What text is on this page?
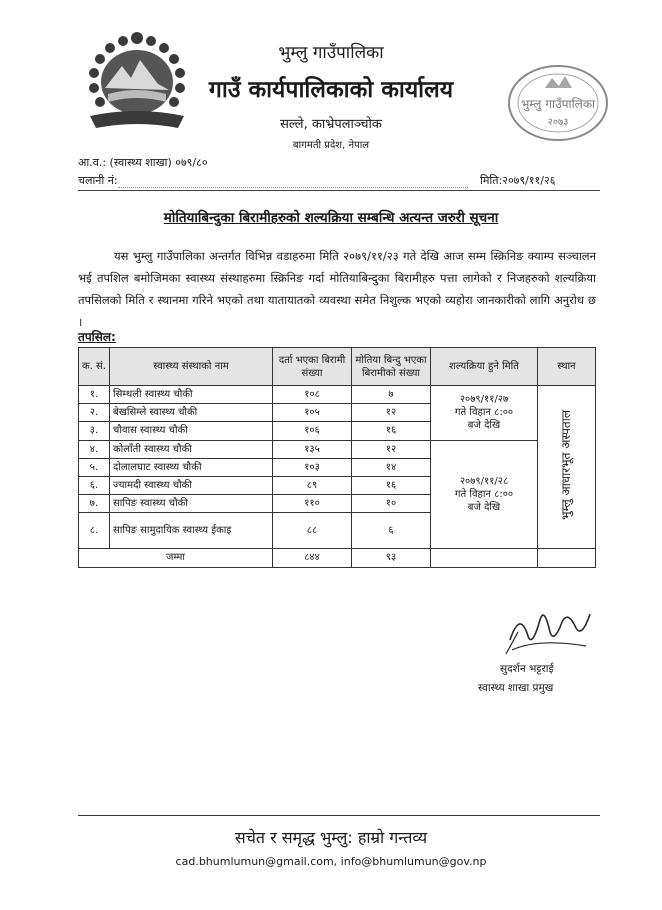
भुम्लु गाउँपालिका
गाउँ कार्यपालिकाको कार्यालय
सल्ले, काभ्रेपलाञ्चोक
बागमती प्रदेश, नेपाल
भुम्लु गाउँपालिका
२०७३
आ.व.: (स्वास्थ्य शाखा) ०७९/८०
चलानी नं:	मिति:२०७९/११/२६
मोतियाबिन्दुका बिरामीहरुको शल्यक्रिया सम्बन्धि अत्यन्त जरुरी सूचना

यस भुम्लु गाउँपालिका अन्तर्गत विभिन्न वडाहरुमा मिति २०७९/११/२३ गते देखि आज सम्म स्क्रिनिङ क्याम्प सञ्चालन भई तपशिल बमोजिमका स्वास्थ्य संस्थाहरुमा स्क्रिनिङ गर्दा मोतियाबिन्दुका बिरामीहरु पत्ता लागेको र निजहरुको शल्यक्रिया तपसिलको मिति र स्थानमा गरिने भएको तथा यातायातको व्यवस्था समेत निशुल्क भएको व्यहोरा जानकारीको लागि अनुरोध छ ।

तपसिल:
क. सं.	स्वास्थ्य संस्थाको नाम	दर्ता भएका बिरामी संख्या	मोतिया बिन्दु भएका बिरामीको संख्या	शल्यक्रिया हुने मिति	स्थान
१.	सिम्थली स्वास्थ्य चौकी	१०८	७	२०७९/११/२७
गते विहान ८:००
बजे देखि	भुम्लु आधारभूत अस्पताल
२.	बेखसिम्ले स्वास्थ्य चौकी	१०५	१२		
३.	चौवास स्वास्थ्य चौकी	१०६	१६		
४.	कोलाँती स्वास्थ्य चौकी	१३५	१२	२०७९/११/२८
गते विहान ८:००
बजे देखि	

५.	दोलालघाट स्वास्थ्य चौकी	१०३	१४		
६.	ज्यामदी स्वास्थ्य चौकी	८९	१६		
७.	सापिङ स्वास्थ्य चौकी	११०	१०		
८.	सापिङ सामुदायिक स्वास्थ्य ईकाइ	८८	६		
जम्मा		८४४	९३		
सुदर्शन भट्टराई
स्वास्थ्य शाखा प्रमुख
सचेत र समृद्ध भुम्लु: हाम्रो गन्तव्य
cad.bhumlumun@gmail.com, info@bhumlumun@gov.np
